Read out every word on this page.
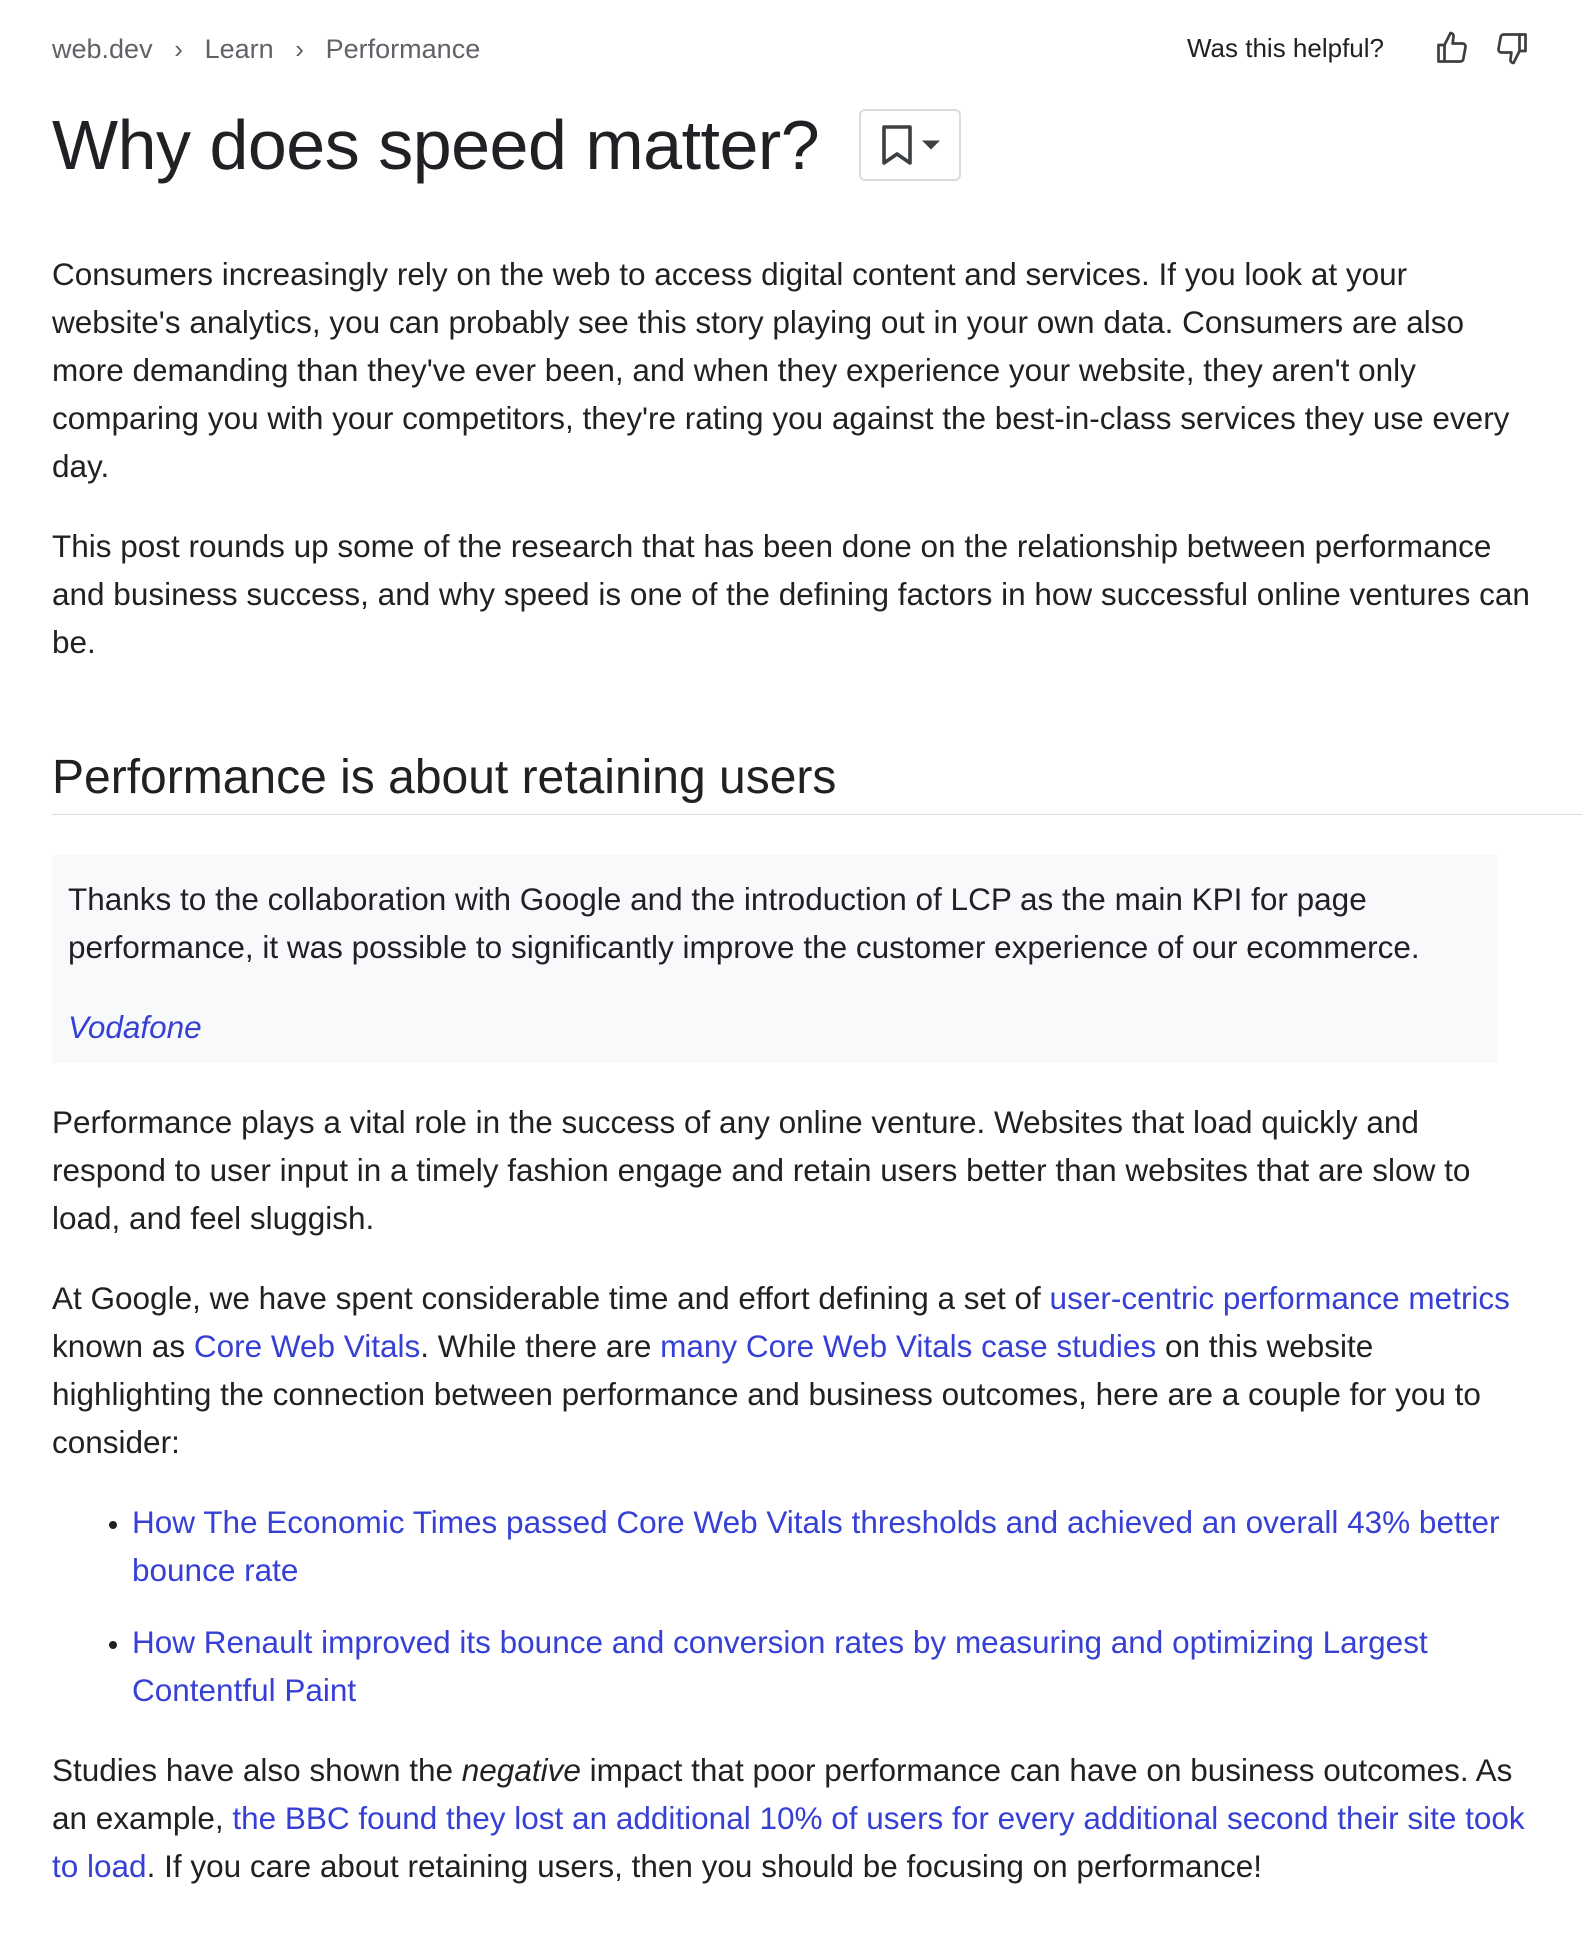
web.dev › Learn › Performance	Was this helpful?
Why does speed matter?

Consumers increasingly rely on the web to access digital content and services. If you look at your website's analytics, you can probably see this story playing out in your own data. Consumers are also more demanding than they've ever been, and when they experience your website, they aren't only comparing you with your competitors, they're rating you against the best-in-class services they use every day.

This post rounds up some of the research that has been done on the relationship between performance and business success, and why speed is one of the defining factors in how successful online ventures can be.

Performance is about retaining users

Thanks to the collaboration with Google and the introduction of LCP as the main KPI for page performance, it was possible to significantly improve the customer experience of our ecommerce.

Vodafone

Performance plays a vital role in the success of any online venture. Websites that load quickly and respond to user input in a timely fashion engage and retain users better than websites that are slow to load, and feel sluggish.

At Google, we have spent considerable time and effort defining a set of user-centric performance metrics known as Core Web Vitals. While there are many Core Web Vitals case studies on this website highlighting the connection between performance and business outcomes, here are a couple for you to consider:

• How The Economic Times passed Core Web Vitals thresholds and achieved an overall 43% better bounce rate
• How Renault improved its bounce and conversion rates by measuring and optimizing Largest Contentful Paint

Studies have also shown the negative impact that poor performance can have on business outcomes. As an example, the BBC found they lost an additional 10% of users for every additional second their site took to load. If you care about retaining users, then you should be focusing on performance!
